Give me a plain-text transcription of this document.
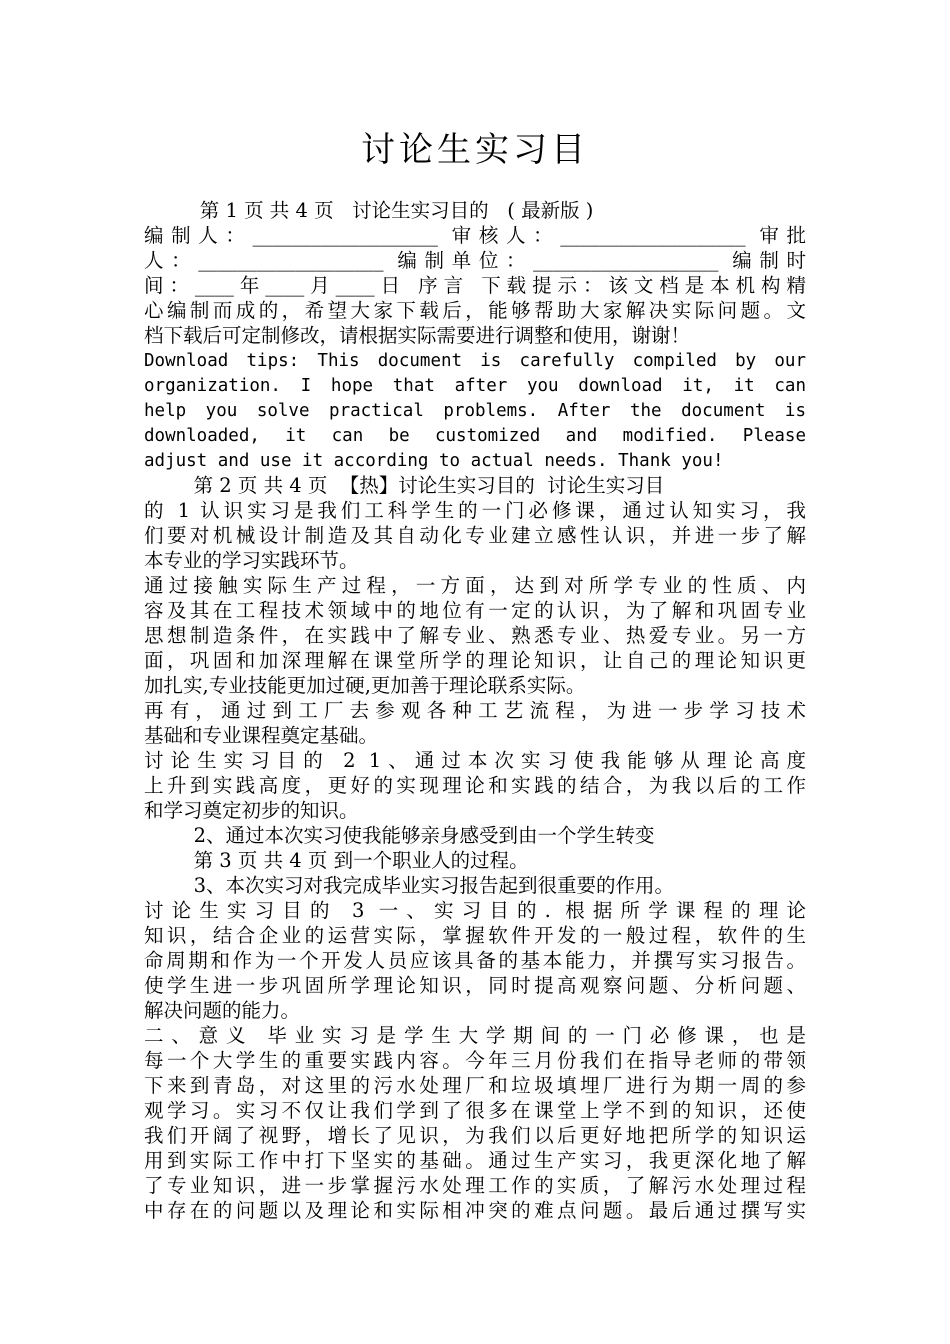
讨论生实习目
第 1 页 共 4 页   讨论生实习目的   ( 最新版 )
编制人：___________________ 审核人：___________________ 审批
人：___________________ 编制单位：___________________ 编制时
间：____年____月____日 序言 下载提示：该文档是本机构精
心编制而成的，希望大家下载后，能够帮助大家解决实际问题。文
档下载后可定制修改，请根据实际需要进行调整和使用，谢谢！
Download tips: This document is carefully compiled by our
organization. I hope that after you download it, it can
help you solve practical problems. After the document is
downloaded, it can be customized and modified. Please
adjust and use it according to actual needs. Thank you!
第 2 页 共 4 页  【热】讨论生实习目的  讨论生实习目
的 1 认识实习是我们工科学生的一门必修课，通过认知实习，我
们要对机械设计制造及其自动化专业建立感性认识，并进一步了解
本专业的学习实践环节。
通过接触实际生产过程，一方面，达到对所学专业的性质、内
容及其在工程技术领域中的地位有一定的认识，为了解和巩固专业
思想制造条件，在实践中了解专业、熟悉专业、热爱专业。另一方
面，巩固和加深理解在课堂所学的理论知识，让自己的理论知识更
加扎实,专业技能更加过硬,更加善于理论联系实际。
再有，通过到工厂去参观各种工艺流程，为进一步学习技术
基础和专业课程奠定基础。
讨论生实习目的 2 1、通过本次实习使我能够从理论高度
上升到实践高度，更好的实现理论和实践的结合，为我以后的工作
和学习奠定初步的知识。
2、通过本次实习使我能够亲身感受到由一个学生转变
第 3 页 共 4 页 到一个职业人的过程。
3、本次实习对我完成毕业实习报告起到很重要的作用。
讨论生实习目的 3 一、实习目的. 根据所学课程的理论
知识，结合企业的运营实际，掌握软件开发的一般过程，软件的生
命周期和作为一个开发人员应该具备的基本能力，并撰写实习报告。
使学生进一步巩固所学理论知识，同时提高观察问题、分析问题、
解决问题的能力。
二、意义 毕业实习是学生大学期间的一门必修课，也是
每一个大学生的重要实践内容。今年三月份我们在指导老师的带领
下来到青岛，对这里的污水处理厂和垃圾填埋厂进行为期一周的参
观学习。实习不仅让我们学到了很多在课堂上学不到的知识，还使
我们开阔了视野，增长了见识，为我们以后更好地把所学的知识运
用到实际工作中打下坚实的基础。通过生产实习，我更深化地了解
了专业知识，进一步掌握污水处理工作的实质，了解污水处理过程
中存在的问题以及理论和实际相冲突的难点问题。最后通过撰写实
